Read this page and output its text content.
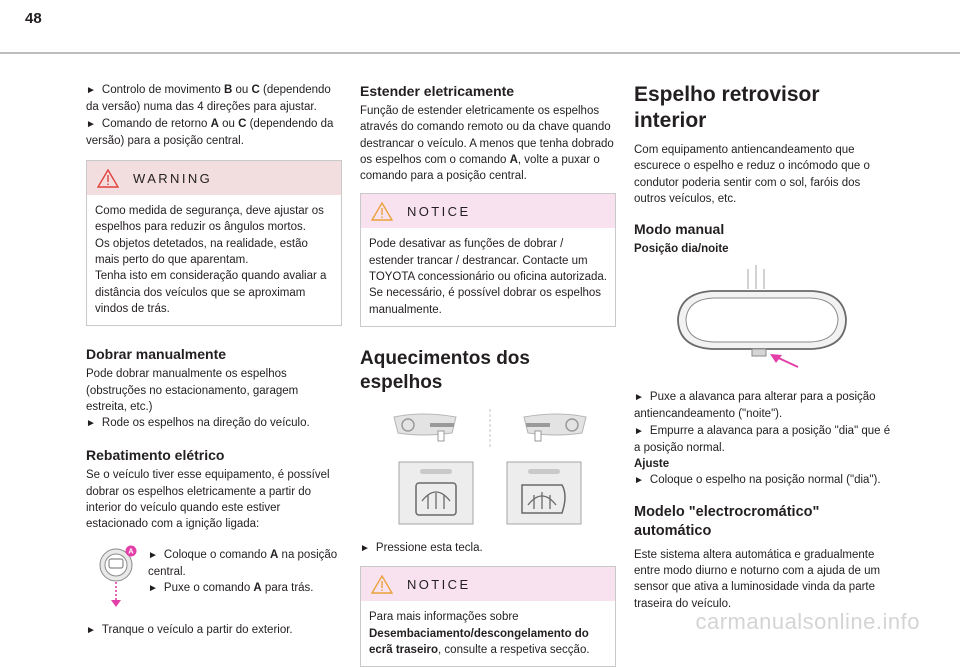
48

► Controlo de movimento B ou C (dependendo da versão) numa das 4 direções para ajustar.

► Comando de retorno A ou C (dependendo da versão) para a posição central.

WARNING

Como medida de segurança, deve ajustar os espelhos para reduzir os ângulos mortos.
Os objetos detetados, na realidade, estão mais perto do que aparentam.
Tenha isto em consideração quando avaliar a distância dos veículos que se aproximam vindos de trás.

Dobrar manualmente

Pode dobrar manualmente os espelhos (obstruções no estacionamento, garagem estreita, etc.)

► Rode os espelhos na direção do veículo.

Rebatimento elétrico

Se o veículo tiver esse equipamento, é possível dobrar os espelhos eletricamente a partir do interior do veículo quando este estiver estacionado com a ignição ligada:

A

►	Coloque o comando A na posição central.

► Puxe o comando A para trás.

► Tranque o veículo a partir do exterior.

Estender eletricamente

Função de estender eletricamente os espelhos através do comando remoto ou da chave quando destrancar o veículo. A menos que tenha dobrado os espelhos com o comando A, volte a puxar o comando para a posição central.

NOTICE

Pode desativar as funções de dobrar / estender trancar / destrancar. Contacte um TOYOTA concessionário ou oficina autorizada.
Se necessário, é possível dobrar os espelhos manualmente.

Aquecimentos dos espelhos

► Pressione esta tecla.

NOTICE

Para mais informações sobre Desembaciamento/descongelamento do ecrã traseiro, consulte a respetiva secção.

Espelho retrovisor interior

Com equipamento antiencandeamento que escurece o espelho e reduz o incómodo que o condutor poderia sentir com o sol, faróis dos outros veículos, etc.

Modo manual

Posição dia/noite

► Puxe a alavanca para alterar para a posição antiencandeamento ("noite").

► Empurre a alavanca para a posição "dia" que é a posição normal.

Ajuste

► Coloque o espelho na posição normal ("dia").

Modelo "electrocromático" automático

Este sistema altera automática e gradualmente entre modo diurno e noturno com a ajuda de um sensor que ativa a luminosidade vinda da parte traseira do veículo.

carmanualsonline.info
